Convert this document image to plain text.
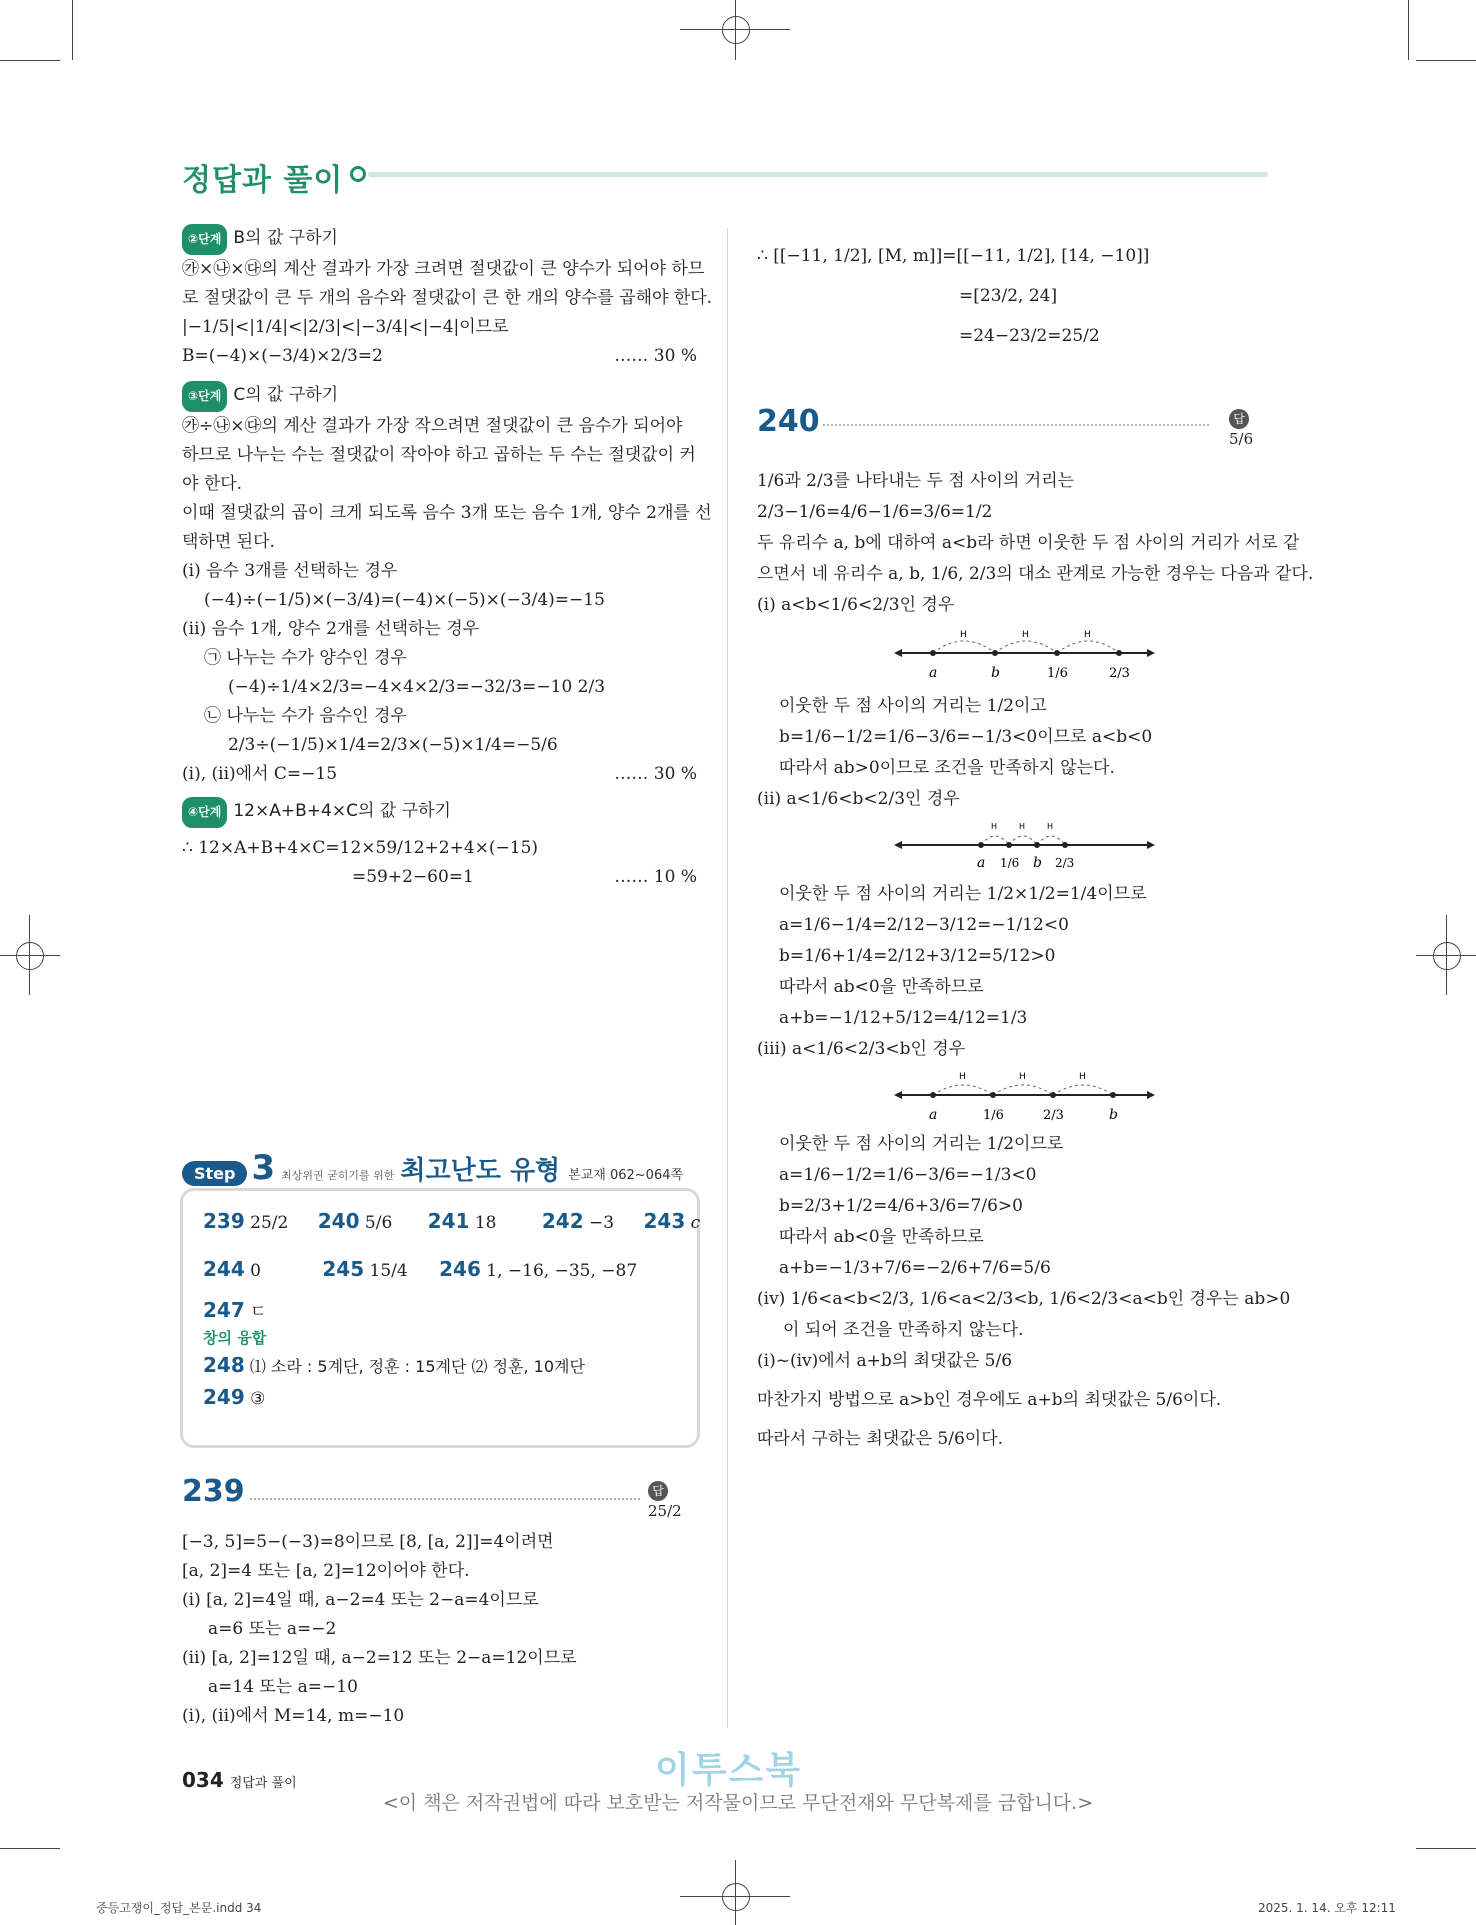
정답과 풀이
②단계 B의 값 구하기
㉮×㉯×㉰의 계산 결과가 가장 크려면 절댓값이 큰 양수가 되어야 하므
로 절댓값이 큰 두 개의 음수와 절댓값이 큰 한 개의 양수를 곱해야 한다.
|−1/5|<|1/4|<|2/3|<|−3/4|<|−4|이므로
B=(−4)×(−3/4)×2/3=2	…… 30 %
③단계 C의 값 구하기
㉮÷㉯×㉰의 계산 결과가 가장 작으려면 절댓값이 큰 음수가 되어야
하므로 나누는 수는 절댓값이 작아야 하고 곱하는 두 수는 절댓값이 커
야 한다.
이때 절댓값의 곱이 크게 되도록 음수 3개 또는 음수 1개, 양수 2개를 선
택하면 된다.
(i) 음수 3개를 선택하는 경우
(−4)÷(−1/5)×(−3/4)=(−4)×(−5)×(−3/4)=−15
(ii) 음수 1개, 양수 2개를 선택하는 경우
㉠ 나누는 수가 양수인 경우
(−4)÷1/4×2/3=−4×4×2/3=−32/3=−10 2/3
㉡ 나누는 수가 음수인 경우
2/3÷(−1/5)×1/4=2/3×(−5)×1/4=−5/6
(i), (ii)에서 C=−15	…… 30 %
④단계 12×A+B+4×C의 값 구하기
∴ 12×A+B+4×C=12×59/12+2+4×(−15)
=59+2−60=1	…… 10 %
Step 3 최상위권 굳히기를 위한 최고난도 유형 본교재 062~064쪽
239 25/2 240 5/6 241 18 242 −3 243 c
244 0	245 15/4 246 1, −16, −35, −87
247 ㄷ
창의 융합
248 ⑴ 소라 : 5계단, 정훈 : 15계단 ⑵ 정훈, 10계단
249 ③
239	답 25/2
[−3, 5]=5−(−3)=8이므로 [8, [a, 2]]=4이려면
[a, 2]=4 또는 [a, 2]=12이어야 한다.
(i) [a, 2]=4일 때, a−2=4 또는 2−a=4이므로
a=6 또는 a=−2
(ii) [a, 2]=12일 때, a−2=12 또는 2−a=12이므로
a=14 또는 a=−10
(i), (ii)에서 M=14, m=−10
∴ [[−11, 1/2], [M, m]]=[[−11, 1/2], [14, −10]]
=[23/2, 24]
=24−23/2=25/2
240	답 5/6
1/6과 2/3를 나타내는 두 점 사이의 거리는
2/3−1/6=4/6−1/6=3/6=1/2
두 유리수 a, b에 대하여 a<b라 하면 이웃한 두 점 사이의 거리가 서로 같
으면서 네 유리수 a, b, 1/6, 2/3의 대소 관계로 가능한 경우는 다음과 같다.
(i) a<b<1/6<2/3인 경우
a	b	1/6	2/3
H	H	H
이웃한 두 점 사이의 거리는 1/2이고
b=1/6−1/2=1/6−3/6=−1/3<0이므로 a<b<0
따라서 ab>0이므로 조건을 만족하지 않는다.
(ii) a<1/6<b<2/3인 경우
a 1/6 b 2/3
H	H	H
이웃한 두 점 사이의 거리는 1/2×1/2=1/4이므로
a=1/6−1/4=2/12−3/12=−1/12<0
b=1/6+1/4=2/12+3/12=5/12>0
따라서 ab<0을 만족하므로
a+b=−1/12+5/12=4/12=1/3
(iii) a<1/6<2/3<b인 경우
a	1/6	2/3	b
H	H	H
이웃한 두 점 사이의 거리는 1/2이므로
a=1/6−1/2=1/6−3/6=−1/3<0
b=2/3+1/2=4/6+3/6=7/6>0
따라서 ab<0을 만족하므로
a+b=−1/3+7/6=−2/6+7/6=5/6
(iv) 1/6<a<b<2/3, 1/6<a<2/3<b, 1/6<2/3<a<b인 경우는 ab>0
이 되어 조건을 만족하지 않는다.
(i)~(iv)에서 a+b의 최댓값은 5/6
마찬가지 방법으로 a>b인 경우에도 a+b의 최댓값은 5/6이다.
따라서 구하는 최댓값은 5/6이다.
034 정답과 풀이	이투스북
<이 책은 저작권법에 따라 보호받는 저작물이므로 무단전재와 무단복제를 금합니다.>
중등고쟁이_정답_본문.indd 34	2025. 1. 14. 오후 12:11
